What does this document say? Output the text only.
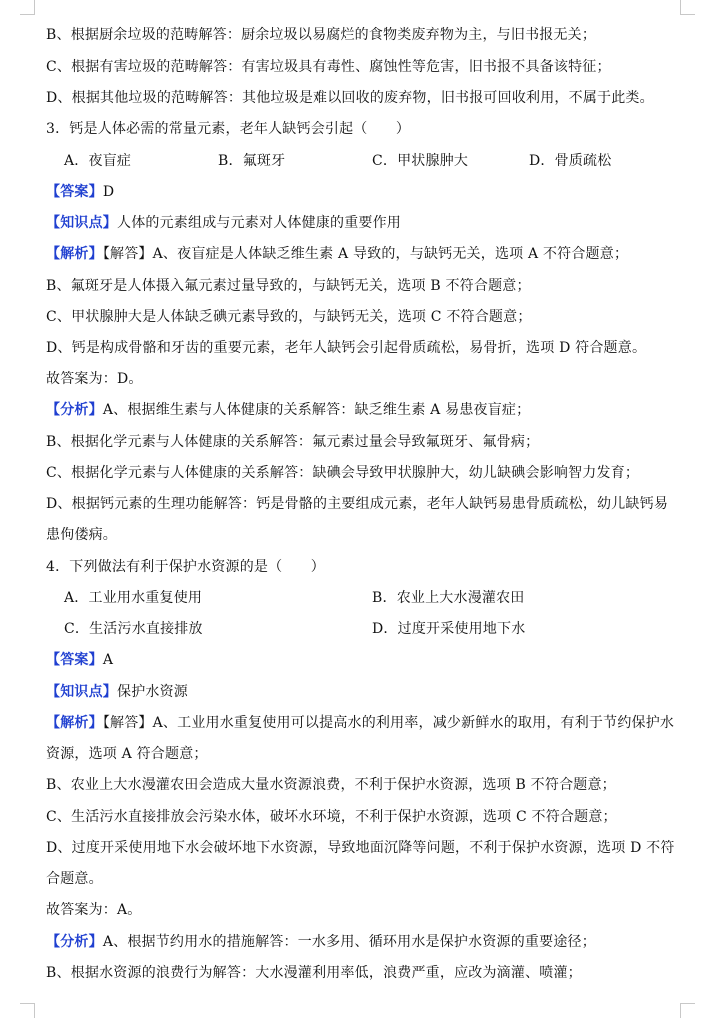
B、根据厨余垃圾的范畴解答：厨余垃圾以易腐烂的食物类废弃物为主，与旧书报无关；
C、根据有害垃圾的范畴解答：有害垃圾具有毒性、腐蚀性等危害，旧书报不具备该特征；
D、根据其他垃圾的范畴解答：其他垃圾是难以回收的废弃物，旧书报可回收利用，不属于此类。
3．钙是人体必需的常量元素，老年人缺钙会引起（　　）
A．夜盲症	B．氟斑牙	C．甲状腺肿大	D．骨质疏松
【答案】D
【知识点】人体的元素组成与元素对人体健康的重要作用
【解析】【解答】A、夜盲症是人体缺乏维生素 A 导致的，与缺钙无关，选项 A 不符合题意；
B、氟斑牙是人体摄入氟元素过量导致的，与缺钙无关，选项 B 不符合题意；
C、甲状腺肿大是人体缺乏碘元素导致的，与缺钙无关，选项 C 不符合题意；
D、钙是构成骨骼和牙齿的重要元素，老年人缺钙会引起骨质疏松，易骨折，选项 D 符合题意。
故答案为：D。
【分析】A、根据维生素与人体健康的关系解答：缺乏维生素 A 易患夜盲症；
B、根据化学元素与人体健康的关系解答：氟元素过量会导致氟斑牙、氟骨病；
C、根据化学元素与人体健康的关系解答：缺碘会导致甲状腺肿大，幼儿缺碘会影响智力发育；
D、根据钙元素的生理功能解答：钙是骨骼的主要组成元素，老年人缺钙易患骨质疏松，幼儿缺钙易
患佝偻病。
4．下列做法有利于保护水资源的是（　　）
A．工业用水重复使用	B．农业上大水漫灌农田
C．生活污水直接排放	D．过度开采使用地下水
【答案】A
【知识点】保护水资源
【解析】【解答】A、工业用水重复使用可以提高水的利用率，减少新鲜水的取用，有利于节约保护水
资源，选项 A 符合题意；
B、农业上大水漫灌农田会造成大量水资源浪费，不利于保护水资源，选项 B 不符合题意；
C、生活污水直接排放会污染水体，破坏水环境，不利于保护水资源，选项 C 不符合题意；
D、过度开采使用地下水会破坏地下水资源，导致地面沉降等问题，不利于保护水资源，选项 D 不符
合题意。
故答案为：A。
【分析】A、根据节约用水的措施解答：一水多用、循环用水是保护水资源的重要途径；
B、根据水资源的浪费行为解答：大水漫灌利用率低，浪费严重，应改为滴灌、喷灌；
